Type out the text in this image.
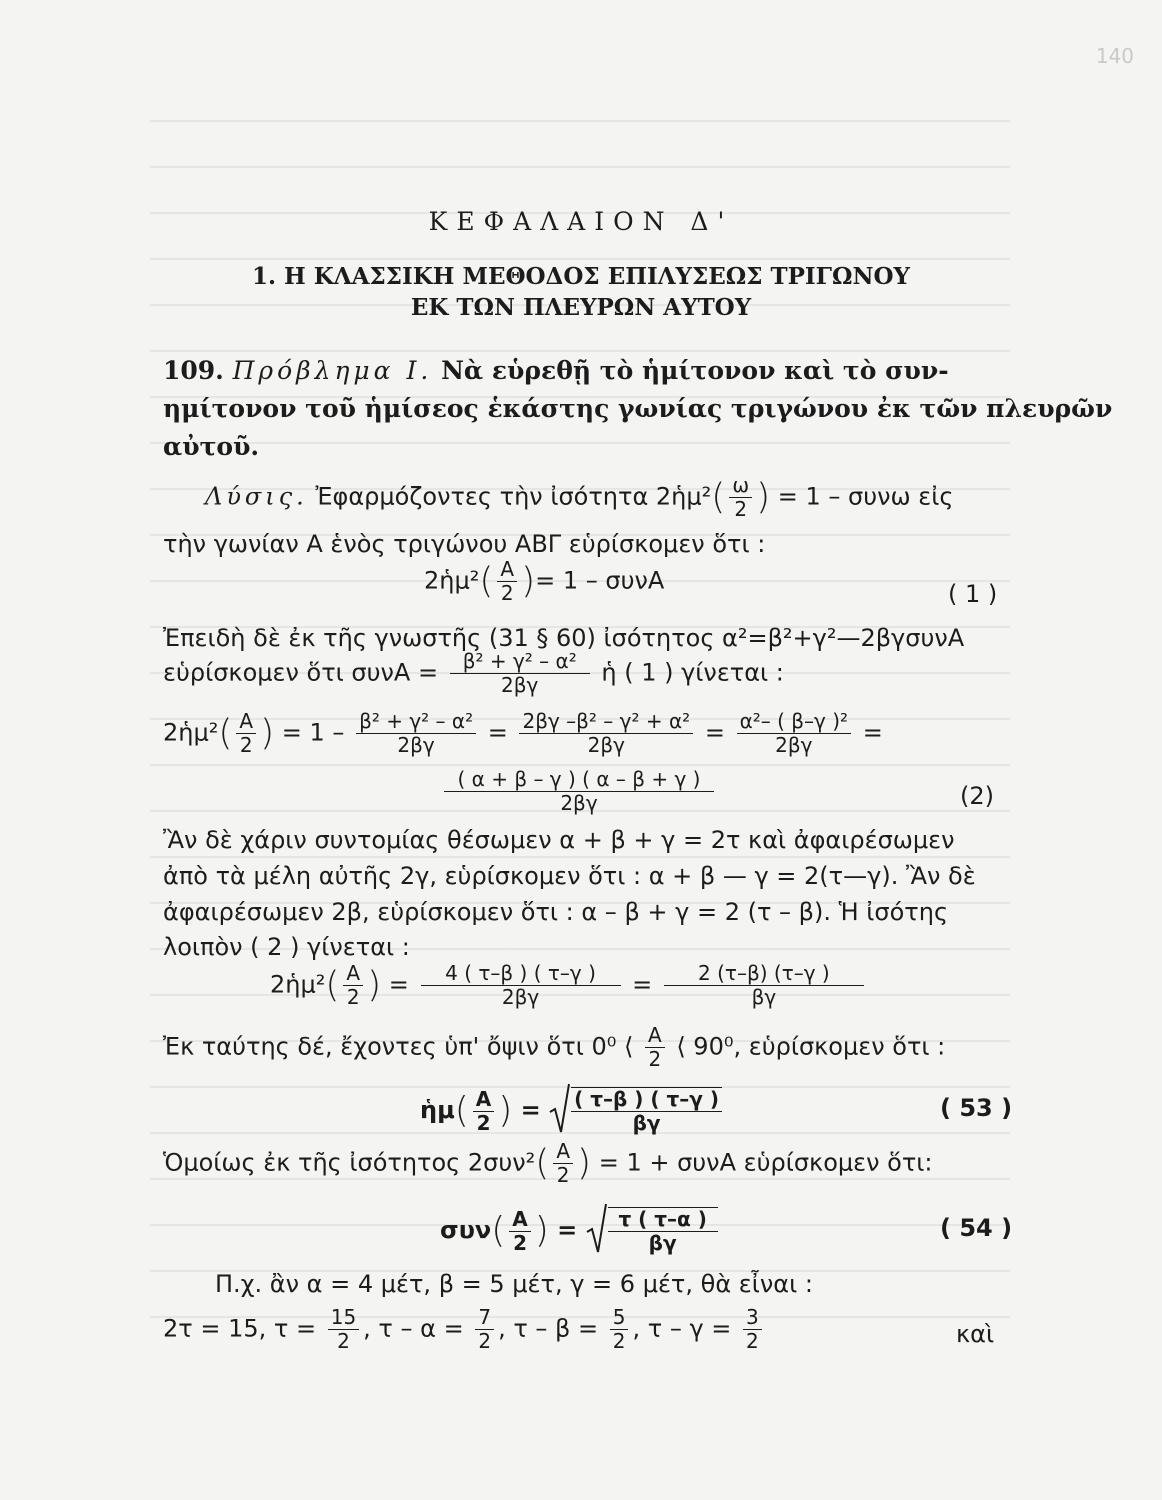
140
ΚΕΦΑΛΑΙΟΝ Δ'
1. Η ΚΛΑΣΣΙΚΗ ΜΕΘΟΔΟΣ ΕΠΙΛΥΣΕΩΣ ΤΡΙΓΩΝΟΥ
ΕΚ ΤΩΝ ΠΛΕΥΡΩΝ ΑΥΤΟΥ
109. Πρόβλημα Ι. Νὰ εὑρεθῇ τὸ ἡμίτονον καὶ τὸ συν-
ημίτονον τοῦ ἡμίσεος ἑκάστης γωνίας τριγώνου ἐκ τῶν πλευρῶν
αὐτοῦ.
Λύσις. Ἐφαρμόζοντες τὴν ἰσότητα 2ἡμ²( $\frac{\omega}{2}$ ) = 1 – συνω εἰς
τὴν γωνίαν Α ἑνὸς τριγώνου ΑΒΓ εὑρίσκομεν ὅτι :
2ἡμ²( $\frac{A}{2}$ )= 1 – συνΑ	( 1 )
Ἐπειδὴ δὲ ἐκ τῆς γνωστῆς (31 § 60) ἰσότητος α²=β²+γ²—2βγσυνΑ
εὑρίσκομεν ὅτι $\sigma\upsilon\nu A = \frac{\text{β² + γ² – α²}}{2\beta\gamma}$ ἡ ( 1 ) γίνεται :
2ἡμ²( $\frac{A}{2}$ ) = $1 - \frac{\text{β² + γ² – α²}}{2\beta\gamma} = \frac{\text{2βγ –β² – γ² + α²}}{2\beta\gamma} = \frac{\text{α²– ( β–γ )²}}{2\beta\gamma}$ =
$\frac{( \alpha + \beta - \gamma ) ( \alpha - \beta + \gamma )}{2\beta\gamma}$	(2)
Ἂν δὲ χάριν συντομίας θέσωμεν α + β + γ = 2τ καὶ ἀφαιρέσωμεν
ἀπὸ τὰ μέλη αὐτῆς 2γ, εὑρίσκομεν ὅτι : α + β — γ = 2(τ—γ). Ἂν δὲ
ἀφαιρέσωμεν 2β, εὑρίσκομεν ὅτι : α – β + γ = 2 (τ – β). Ἡ ἰσότης
λοιπὸν ( 2 ) γίνεται :
2ἡμ²( $\frac{A}{2}$ ) = $\frac{4 ( \tau-\beta ) ( \tau-\gamma )}{2\beta\gamma} = \frac{2 (\tau-\beta) (\tau-\gamma )}{\beta\gamma}$
Ἐκ ταύτης δέ, ἔχοντες ὑπ' ὄψιν ὅτι 0⁰ ⟨ $\frac{A}{2}$ ⟨ 90⁰, εὑρίσκομεν ὅτι :
ἡμ( $\frac{A}{2}$ ) = $\frac{( \tau-\beta ) ( \tau-\gamma )}{\beta\gamma}$	( 53 )
Ὁμοίως ἐκ τῆς ἰσότητος $2\sigma\upsilon\nu^2( \frac{A}{2}$ ) = 1 + συνΑ εὑρίσκομεν ὅτι:
$\sigma\upsilon\nu( \frac{A}{2}$ ) = $\frac{\tau ( \tau-\alpha )}{\beta\gamma}$	( 54 )
Π.χ. ἂν α = 4 μέτ, β = 5 μέτ, γ = 6 μέτ, θὰ εἶναι :
2τ = 15, $\tau = \frac{15}{2}$ , $\tau - \alpha = \frac{7}{2}$ , $\tau - \beta = \frac{5}{2}$ , $\tau - \gamma = \frac{3}{2}$	καὶ
